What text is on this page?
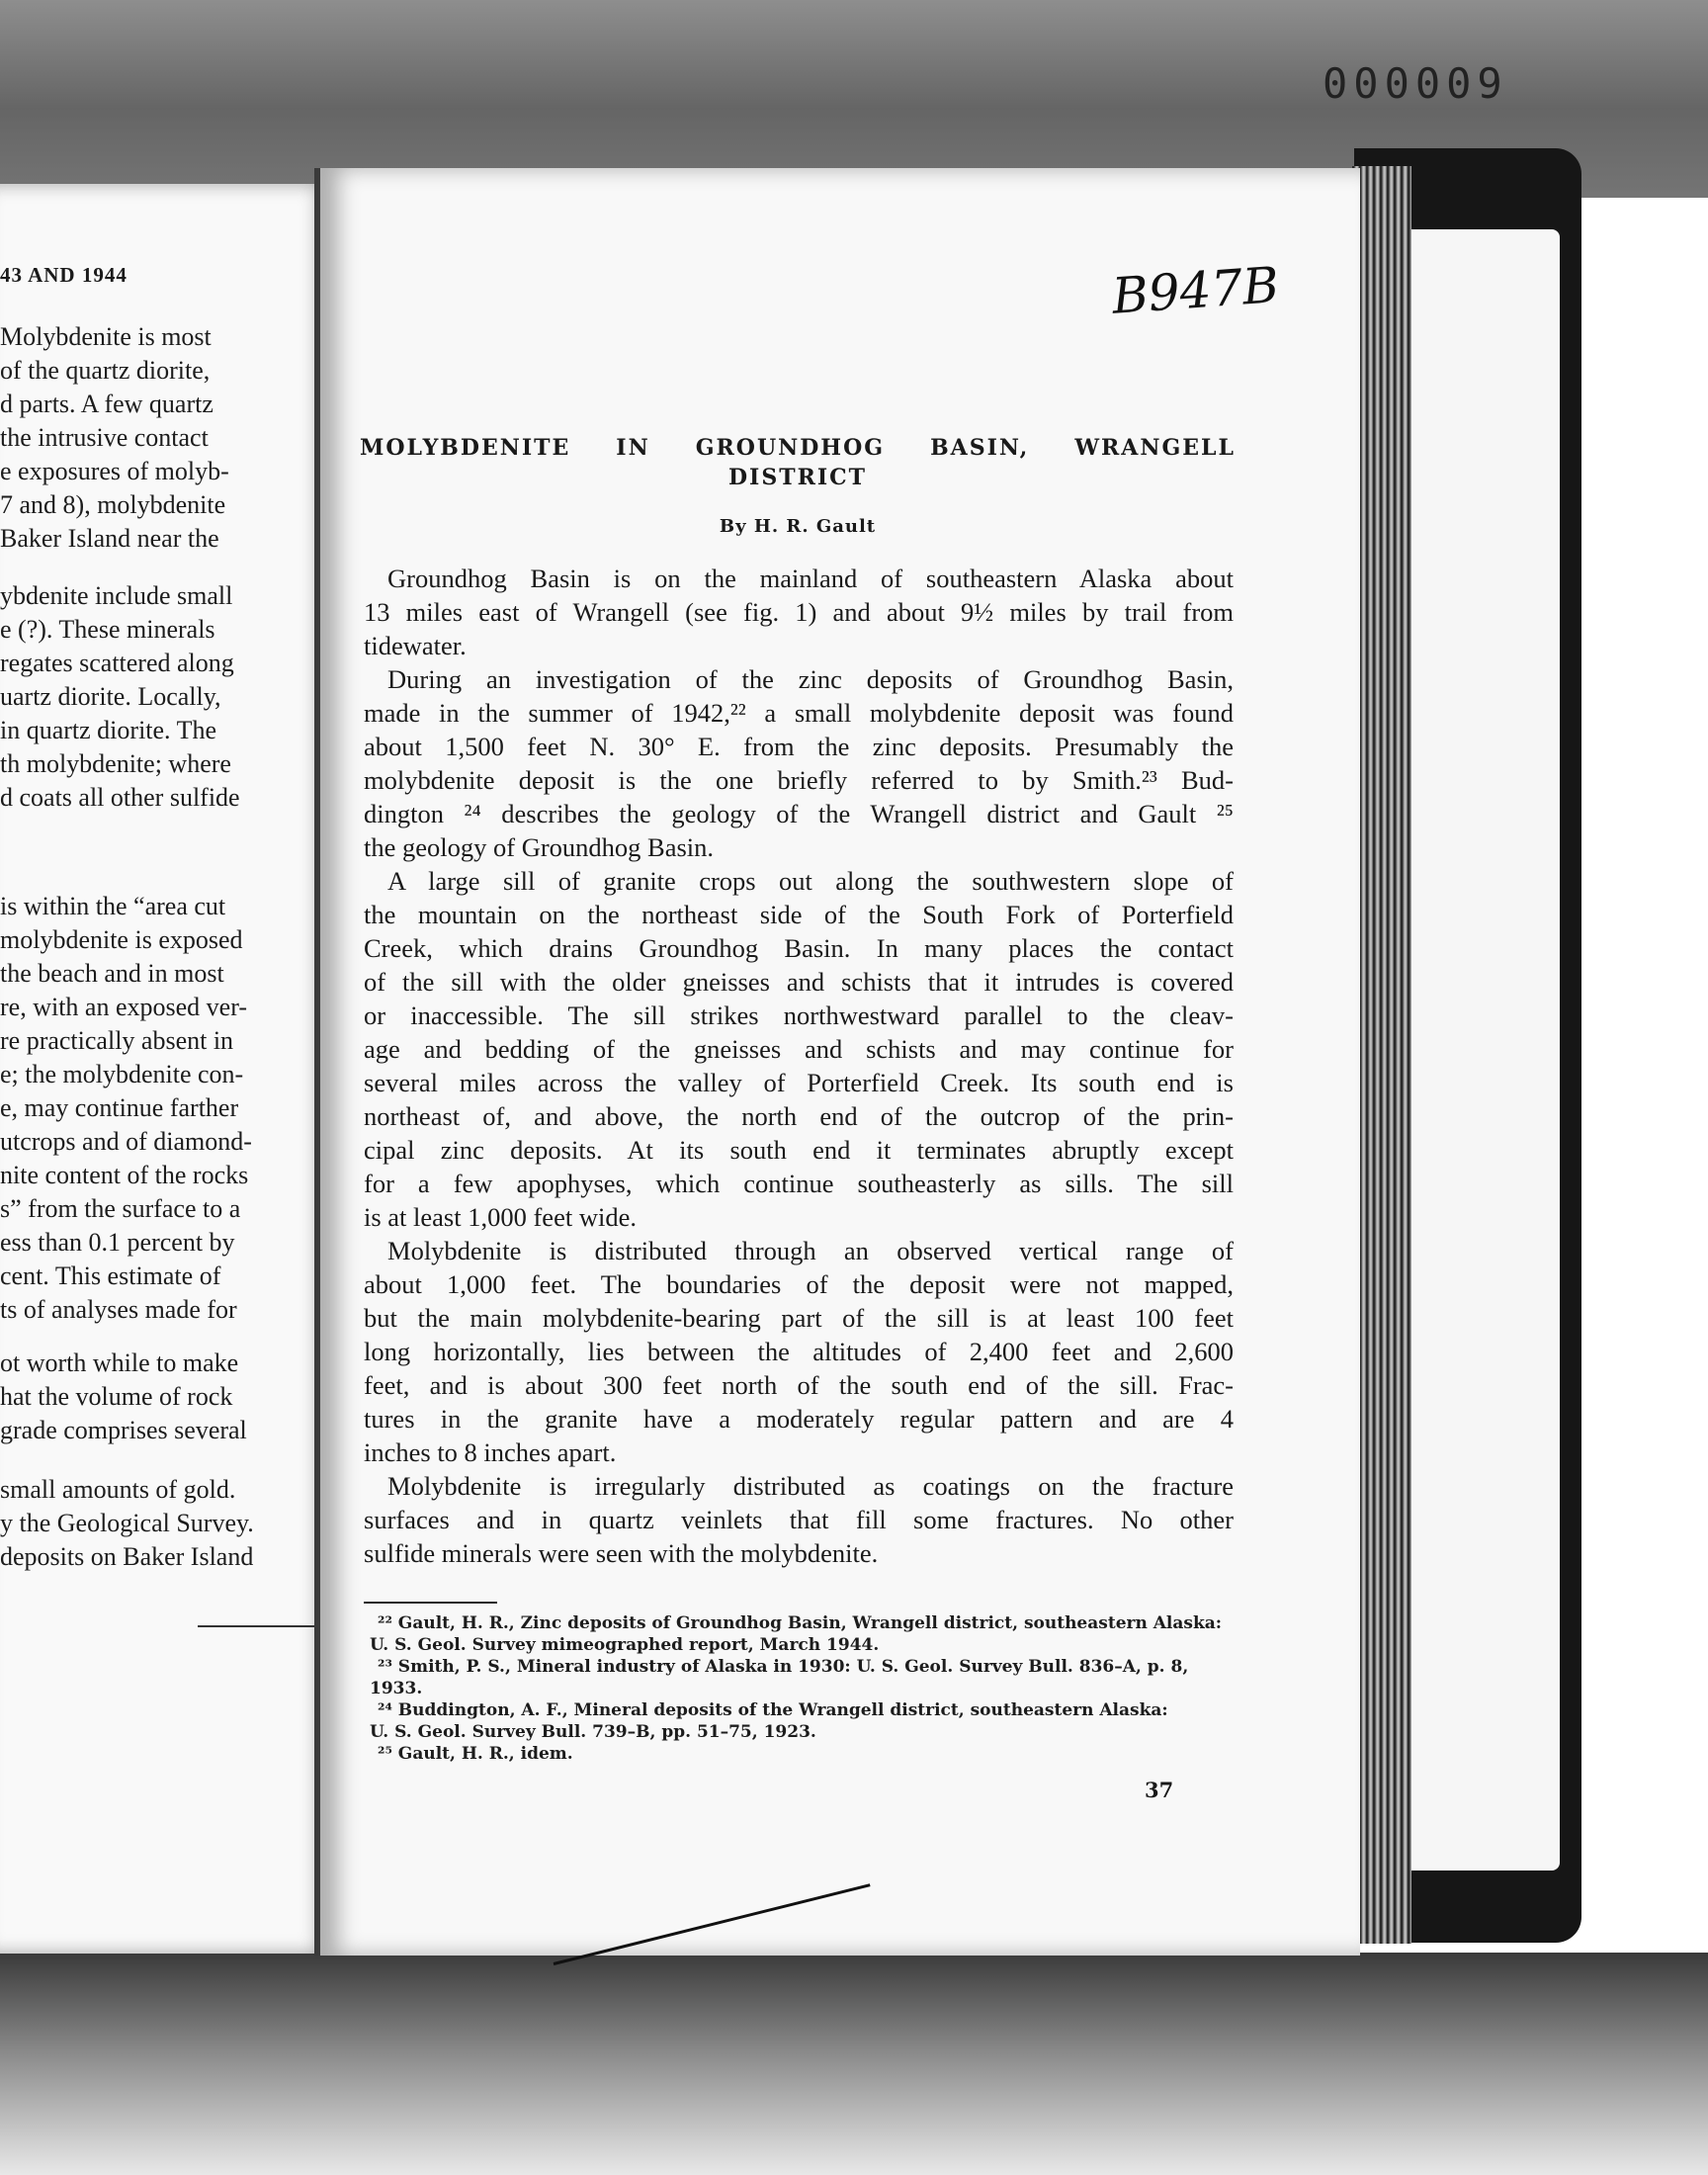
000009
43 AND 1944
Molybdenite is most
of the quartz diorite,
d parts. A few quartz
the intrusive contact
e exposures of molyb-
7 and 8), molybdenite
Baker Island near the
ybdenite include small
e (?). These minerals
regates scattered along
uartz diorite. Locally,
in quartz diorite. The
th molybdenite; where
d coats all other sulfide
is within the “area cut
molybdenite is exposed
the beach and in most
re, with an exposed ver-
re practically absent in
e; the molybdenite con-
e, may continue farther
utcrops and of diamond-
nite content of the rocks
s” from the surface to a
ess than 0.1 percent by
cent. This estimate of
ts of analyses made for
ot worth while to make
hat the volume of rock
grade comprises several
small amounts of gold.
y the Geological Survey.
deposits on Baker Island
B947B
MOLYBDENITE IN GROUNDHOG BASIN, WRANGELL
DISTRICT
By H. R. Gault
Groundhog Basin is on the mainland of southeastern Alaska about
13 miles east of Wrangell (see fig. 1) and about 9½ miles by trail from
tidewater.
During an investigation of the zinc deposits of Groundhog Basin,
made in the summer of 1942,²² a small molybdenite deposit was found
about 1,500 feet N. 30° E. from the zinc deposits. Presumably the
molybdenite deposit is the one briefly referred to by Smith.²³ Bud-
dington ²⁴ describes the geology of the Wrangell district and Gault ²⁵
the geology of Groundhog Basin.
A large sill of granite crops out along the southwestern slope of
the mountain on the northeast side of the South Fork of Porterfield
Creek, which drains Groundhog Basin. In many places the contact
of the sill with the older gneisses and schists that it intrudes is covered
or inaccessible. The sill strikes northwestward parallel to the cleav-
age and bedding of the gneisses and schists and may continue for
several miles across the valley of Porterfield Creek. Its south end is
northeast of, and above, the north end of the outcrop of the prin-
cipal zinc deposits. At its south end it terminates abruptly except
for a few apophyses, which continue southeasterly as sills. The sill
is at least 1,000 feet wide.
Molybdenite is distributed through an observed vertical range of
about 1,000 feet. The boundaries of the deposit were not mapped,
but the main molybdenite-bearing part of the sill is at least 100 feet
long horizontally, lies between the altitudes of 2,400 feet and 2,600
feet, and is about 300 feet north of the south end of the sill. Frac-
tures in the granite have a moderately regular pattern and are 4
inches to 8 inches apart.
Molybdenite is irregularly distributed as coatings on the fracture
surfaces and in quartz veinlets that fill some fractures. No other
sulfide minerals were seen with the molybdenite.
²² Gault, H. R., Zinc deposits of Groundhog Basin, Wrangell district, southeastern Alaska:
U. S. Geol. Survey mimeographed report, March 1944.
²³ Smith, P. S., Mineral industry of Alaska in 1930: U. S. Geol. Survey Bull. 836–A, p. 8,
1933.
²⁴ Buddington, A. F., Mineral deposits of the Wrangell district, southeastern Alaska:
U. S. Geol. Survey Bull. 739–B, pp. 51–75, 1923.
²⁵ Gault, H. R., idem.
37
